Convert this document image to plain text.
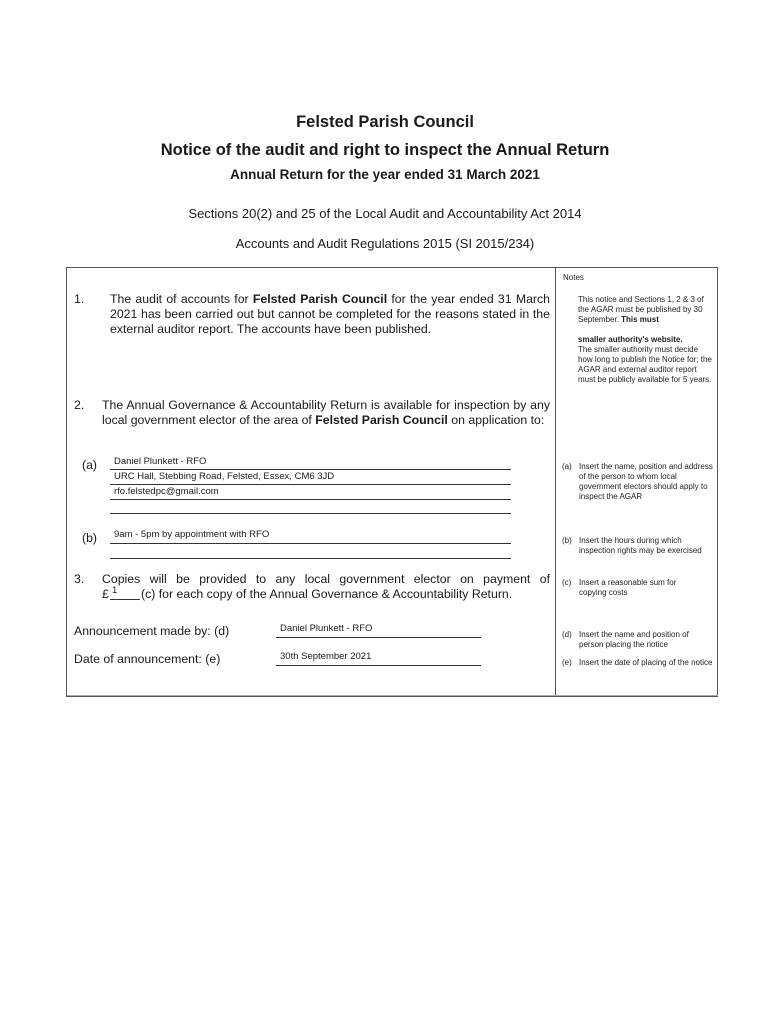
Felsted Parish Council
Notice of the audit and right to inspect the Annual Return
Annual Return for the year ended 31 March 2021
Sections 20(2) and 25 of the Local Audit and Accountability Act 2014
Accounts and Audit Regulations 2015 (SI 2015/234)
Notes
1. The audit of accounts for Felsted Parish Council for the year ended 31 March 2021 has been carried out but cannot be completed for the reasons stated in the external auditor report. The accounts have been published.
2. The Annual Governance & Accountability Return is available for inspection by any local government elector of the area of Felsted Parish Council on application to:
(a) Daniel Plunkett - RFO
URC Hall, Stebbing Road, Felsted, Essex, CM6 3JD
rfo.felstedpc@gmail.com
(b) 9am - 5pm by appointment with RFO
3. Copies will be provided to any local government elector on payment of
£ 1 (c) for each copy of the Annual Governance & Accountability Return.
Announcement made by: (d)	Daniel Plunkett - RFO
Date of announcement: (e)	30th September 2021
This notice and Sections 1, 2 & 3 of the AGAR must be published by 30 September. This must
smaller authority's website.
The smaller authority must decide how long to publish the Notice for; the AGAR and external auditor report must be publicly available for 5 years.
(a) Insert the name, position and address of the person to whom local government electors should apply to inspect the AGAR
(b) Insert the hours during which inspection rights may be exercised
(c) Insert a reasonable sum for copying costs
(d) Insert the name and position of person placing the notice
(e) Insert the date of placing of the notice
